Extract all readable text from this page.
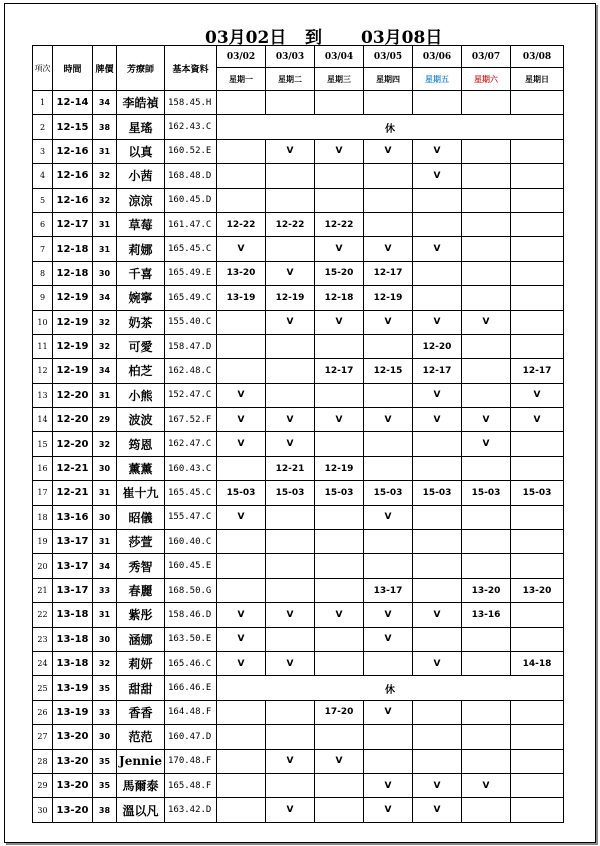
03月02日 到 03月08日
項次	時間	牌價	芳療師	基本資料	03/02	03/03	03/04	03/05	03/06	03/07	03/08
					星期一	星期二	星期三	星期四	星期五	星期六	星期日
1	12-14	34	李皓禎	158.45.H							
2	12-15	38	星瑤	162.43.C	休						
3	12-16	31	以真	160.52.E		V	V	V	V		
4	12-16	32	小茜	168.48.D					V		
5	12-16	32	涼涼	160.45.D							
6	12-17	31	草莓	161.47.C	12-22	12-22	12-22				
7	12-18	31	莉娜	165.45.C	V		V	V	V		
8	12-18	30	千喜	165.49.E	13-20	V	15-20	12-17			
9	12-19	34	婉寧	165.49.C	13-19	12-19	12-18	12-19			
10	12-19	32	奶茶	155.40.C		V	V	V	V	V	
11	12-19	32	可愛	158.47.D					12-20		
12	12-19	34	柏芝	162.48.C			12-17	12-15	12-17		12-17
13	12-20	31	小熊	152.47.C	V				V		V
14	12-20	29	波波	167.52.F	V	V	V	V	V	V	V
15	12-20	32	筠恩	162.47.C	V	V				V	
16	12-21	30	薰薰	160.43.C		12-21	12-19				
17	12-21	31	崔十九	165.45.C	15-03	15-03	15-03	15-03	15-03	15-03	15-03
18	13-16	30	昭儀	155.47.C	V			V			
19	13-17	31	莎萱	160.40.C							
20	13-17	34	秀智	160.45.E							
21	13-17	33	春麗	168.50.G				13-17		13-20	13-20
22	13-18	31	紫彤	158.46.D	V	V	V	V	V	13-16	
23	13-18	30	涵娜	163.50.E	V			V			
24	13-18	32	莉妍	165.46.C	V	V			V		14-18
25	13-19	35	甜甜	166.46.E	休						
26	13-19	33	香香	164.48.F			17-20	V			
27	13-20	30	范范	160.47.D							
28	13-20	35	Jennie	170.48.F		V	V				
29	13-20	35	馬爾泰	165.48.F				V	V	V	
30	13-20	38	溫以凡	163.42.D		V		V	V		
